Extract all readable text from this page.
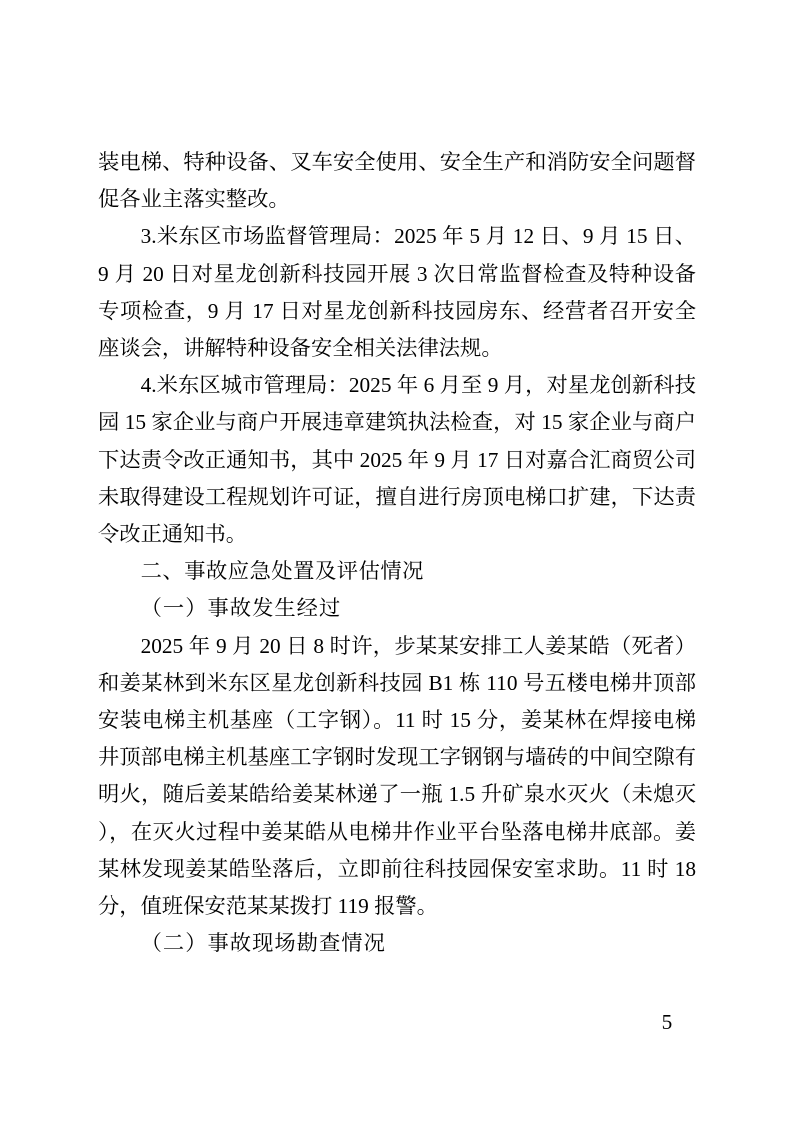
装电梯、特种设备、叉车安全使用、安全生产和消防安全问题督促各业主落实整改。

3.米东区市场监督管理局：2025 年 5 月 12 日、9 月 15 日、9 月 20 日对星龙创新科技园开展 3 次日常监督检查及特种设备专项检查，9 月 17 日对星龙创新科技园房东、经营者召开安全座谈会，讲解特种设备安全相关法律法规。

4.米东区城市管理局：2025 年 6 月至 9 月，对星龙创新科技园 15 家企业与商户开展违章建筑执法检查，对 15 家企业与商户下达责令改正通知书，其中 2025 年 9 月 17 日对嘉合汇商贸公司未取得建设工程规划许可证，擅自进行房顶电梯口扩建，下达责令改正通知书。

二、事故应急处置及评估情况
（一）事故发生经过

2025 年 9 月 20 日 8 时许，步某某安排工人姜某皓（死者）和姜某林到米东区星龙创新科技园 B1 栋 110 号五楼电梯井顶部安装电梯主机基座（工字钢）。11 时 15 分，姜某林在焊接电梯井顶部电梯主机基座工字钢时发现工字钢钢与墙砖的中间空隙有明火，随后姜某皓给姜某林递了一瓶 1.5 升矿泉水灭火（未熄灭），在灭火过程中姜某皓从电梯井作业平台坠落电梯井底部。姜某林发现姜某皓坠落后，立即前往科技园保安室求助。11 时 18 分，值班保安范某某拨打 119 报警。

（二）事故现场勘查情况
5
